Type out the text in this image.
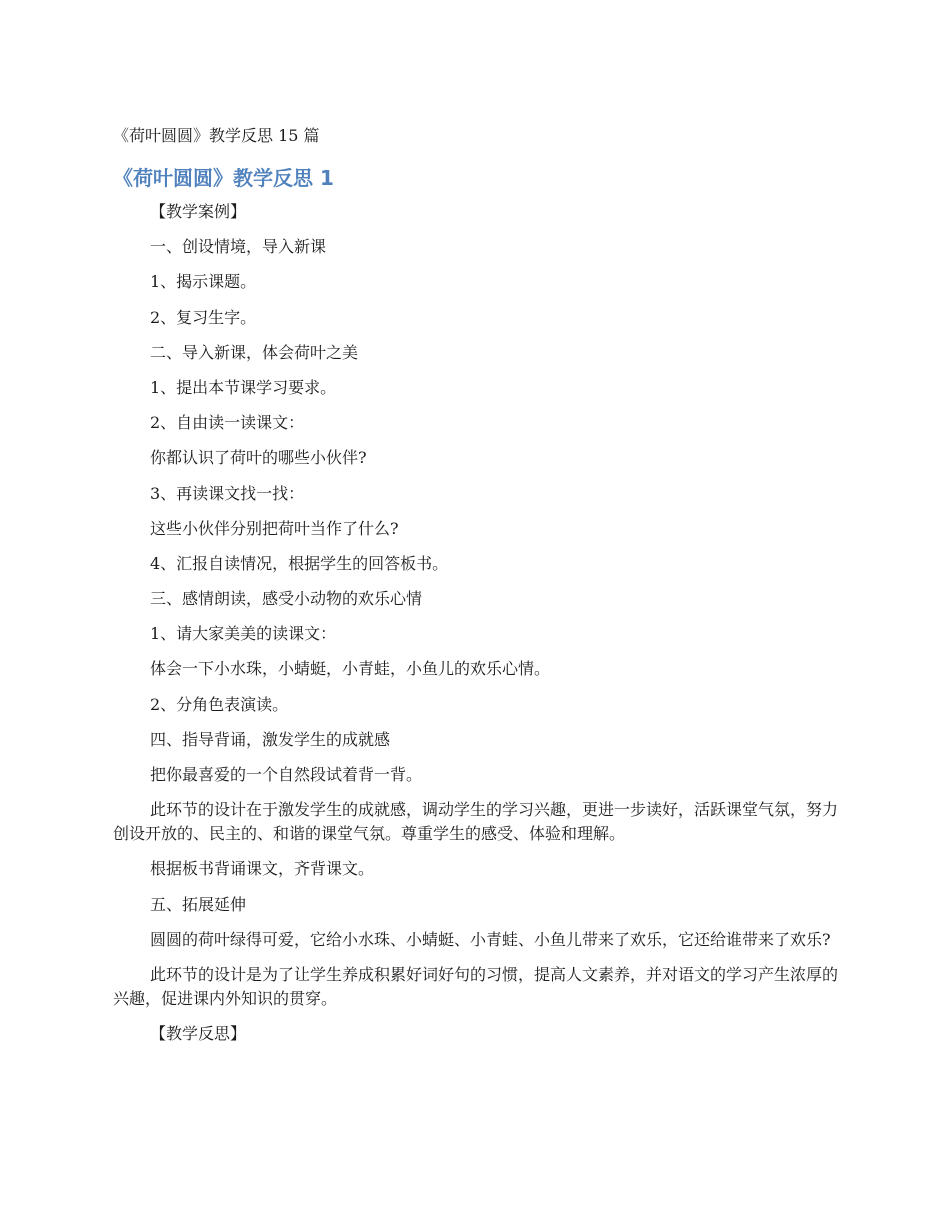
《荷叶圆圆》教学反思 15 篇
《荷叶圆圆》教学反思 1

【教学案例】

一、创设情境，导入新课

1、揭示课题。

2、复习生字。

二、导入新课，体会荷叶之美

1、提出本节课学习要求。

2、自由读一读课文：

你都认识了荷叶的哪些小伙伴?

3、再读课文找一找：

这些小伙伴分别把荷叶当作了什么?

4、汇报自读情况，根据学生的回答板书。

三、感情朗读，感受小动物的欢乐心情

1、请大家美美的读课文：

体会一下小水珠，小蜻蜓，小青蛙，小鱼儿的欢乐心情。

2、分角色表演读。

四、指导背诵，激发学生的成就感

把你最喜爱的一个自然段试着背一背。

此环节的设计在于激发学生的成就感，调动学生的学习兴趣，更进一步读好，活跃课堂气氛，努力创设开放的、民主的、和谐的课堂气氛。尊重学生的感受、体验和理解。

根据板书背诵课文，齐背课文。

五、拓展延伸

圆圆的荷叶绿得可爱，它给小水珠、小蜻蜓、小青蛙、小鱼儿带来了欢乐，它还给谁带来了欢乐?

此环节的设计是为了让学生养成积累好词好句的习惯，提高人文素养，并对语文的学习产生浓厚的兴趣，促进课内外知识的贯穿。

【教学反思】
